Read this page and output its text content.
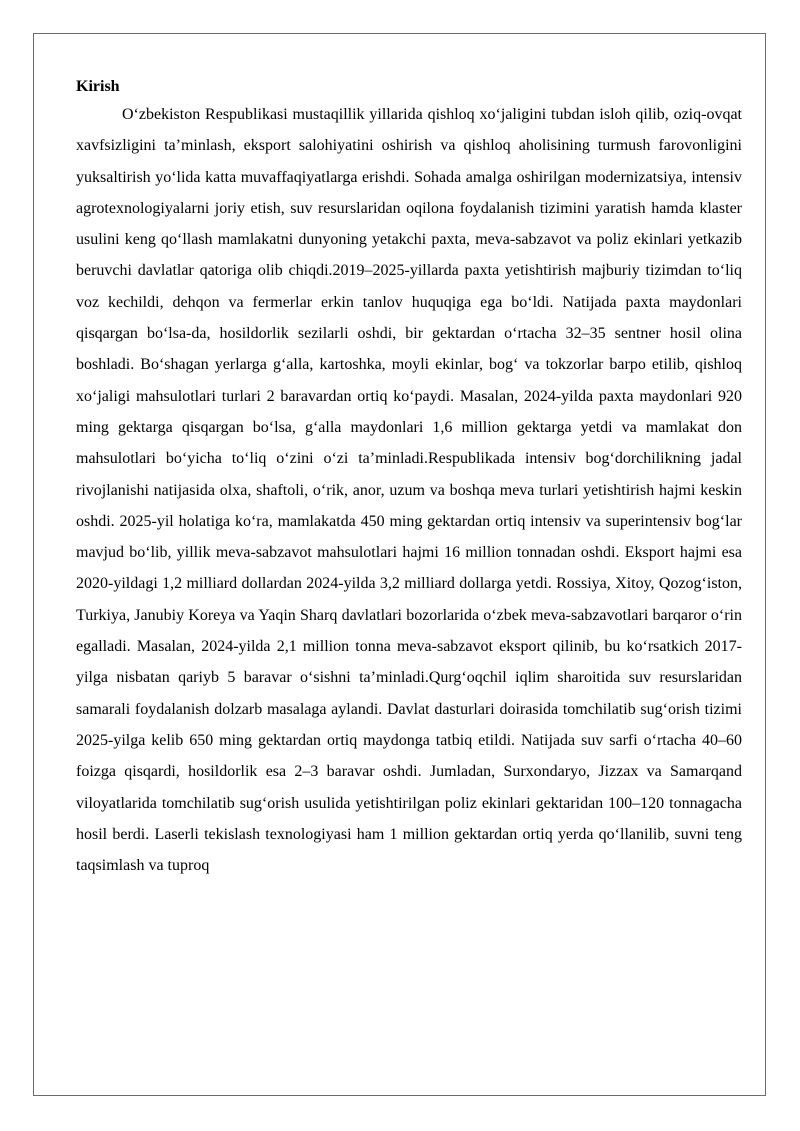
Kirish

O‘zbekiston Respublikasi mustaqillik yillarida qishloq xo‘jaligini tubdan isloh qilib, oziq-ovqat xavfsizligini ta’minlash, eksport salohiyatini oshirish va qishloq aholisining turmush farovonligini yuksaltirish yo‘lida katta muvaffaqiyatlarga erishdi. Sohada amalga oshirilgan modernizatsiya, intensiv agrotexnologiyalarni joriy etish, suv resurslaridan oqilona foydalanish tizimini yaratish hamda klaster usulini keng qo‘llash mamlakatni dunyoning yetakchi paxta, meva-sabzavot va poliz ekinlari yetkazib beruvchi davlatlar qatoriga olib chiqdi.2019–2025-yillarda paxta yetishtirish majburiy tizimdan to‘liq voz kechildi, dehqon va fermerlar erkin tanlov huquqiga ega bo‘ldi. Natijada paxta maydonlari qisqargan bo‘lsa-da, hosildorlik sezilarli oshdi, bir gektardan o‘rtacha 32–35 sentner hosil olina boshladi. Bo‘shagan yerlarga g‘alla, kartoshka, moyli ekinlar, bog‘ va tokzorlar barpo etilib, qishloq xo‘jaligi mahsulotlari turlari 2 baravardan ortiq ko‘paydi. Masalan, 2024-yilda paxta maydonlari 920 ming gektarga qisqargan bo‘lsa, g‘alla maydonlari 1,6 million gektarga yetdi va mamlakat don mahsulotlari bo‘yicha to‘liq o‘zini o‘zi ta’minladi.Respublikada intensiv bog‘dorchilikning jadal rivojlanishi natijasida olxa, shaftoli, o‘rik, anor, uzum va boshqa meva turlari yetishtirish hajmi keskin oshdi. 2025-yil holatiga ko‘ra, mamlakatda 450 ming gektardan ortiq intensiv va superintensiv bog‘lar mavjud bo‘lib, yillik meva-sabzavot mahsulotlari hajmi 16 million tonnadan oshdi. Eksport hajmi esa 2020-yildagi 1,2 milliard dollardan 2024-yilda 3,2 milliard dollarga yetdi. Rossiya, Xitoy, Qozog‘iston, Turkiya, Janubiy Koreya va Yaqin Sharq davlatlari bozorlarida o‘zbek meva-sabzavotlari barqaror o‘rin egalladi. Masalan, 2024-yilda 2,1 million tonna meva-sabzavot eksport qilinib, bu ko‘rsatkich 2017-yilga nisbatan qariyb 5 baravar o‘sishni ta’minladi.Qurg‘oqchil iqlim sharoitida suv resurslaridan samarali foydalanish dolzarb masalaga aylandi. Davlat dasturlari doirasida tomchilatib sug‘orish tizimi 2025-yilga kelib 650 ming gektardan ortiq maydonga tatbiq etildi. Natijada suv sarfi o‘rtacha 40–60 foizga qisqardi, hosildorlik esa 2–3 baravar oshdi. Jumladan, Surxondaryo, Jizzax va Samarqand viloyatlarida tomchilatib sug‘orish usulida yetishtirilgan poliz ekinlari gektaridan 100–120 tonnagacha hosil berdi. Laserli tekislash texnologiyasi ham 1 million gektardan ortiq yerda qo‘llanilib, suvni teng taqsimlash va tuproq
